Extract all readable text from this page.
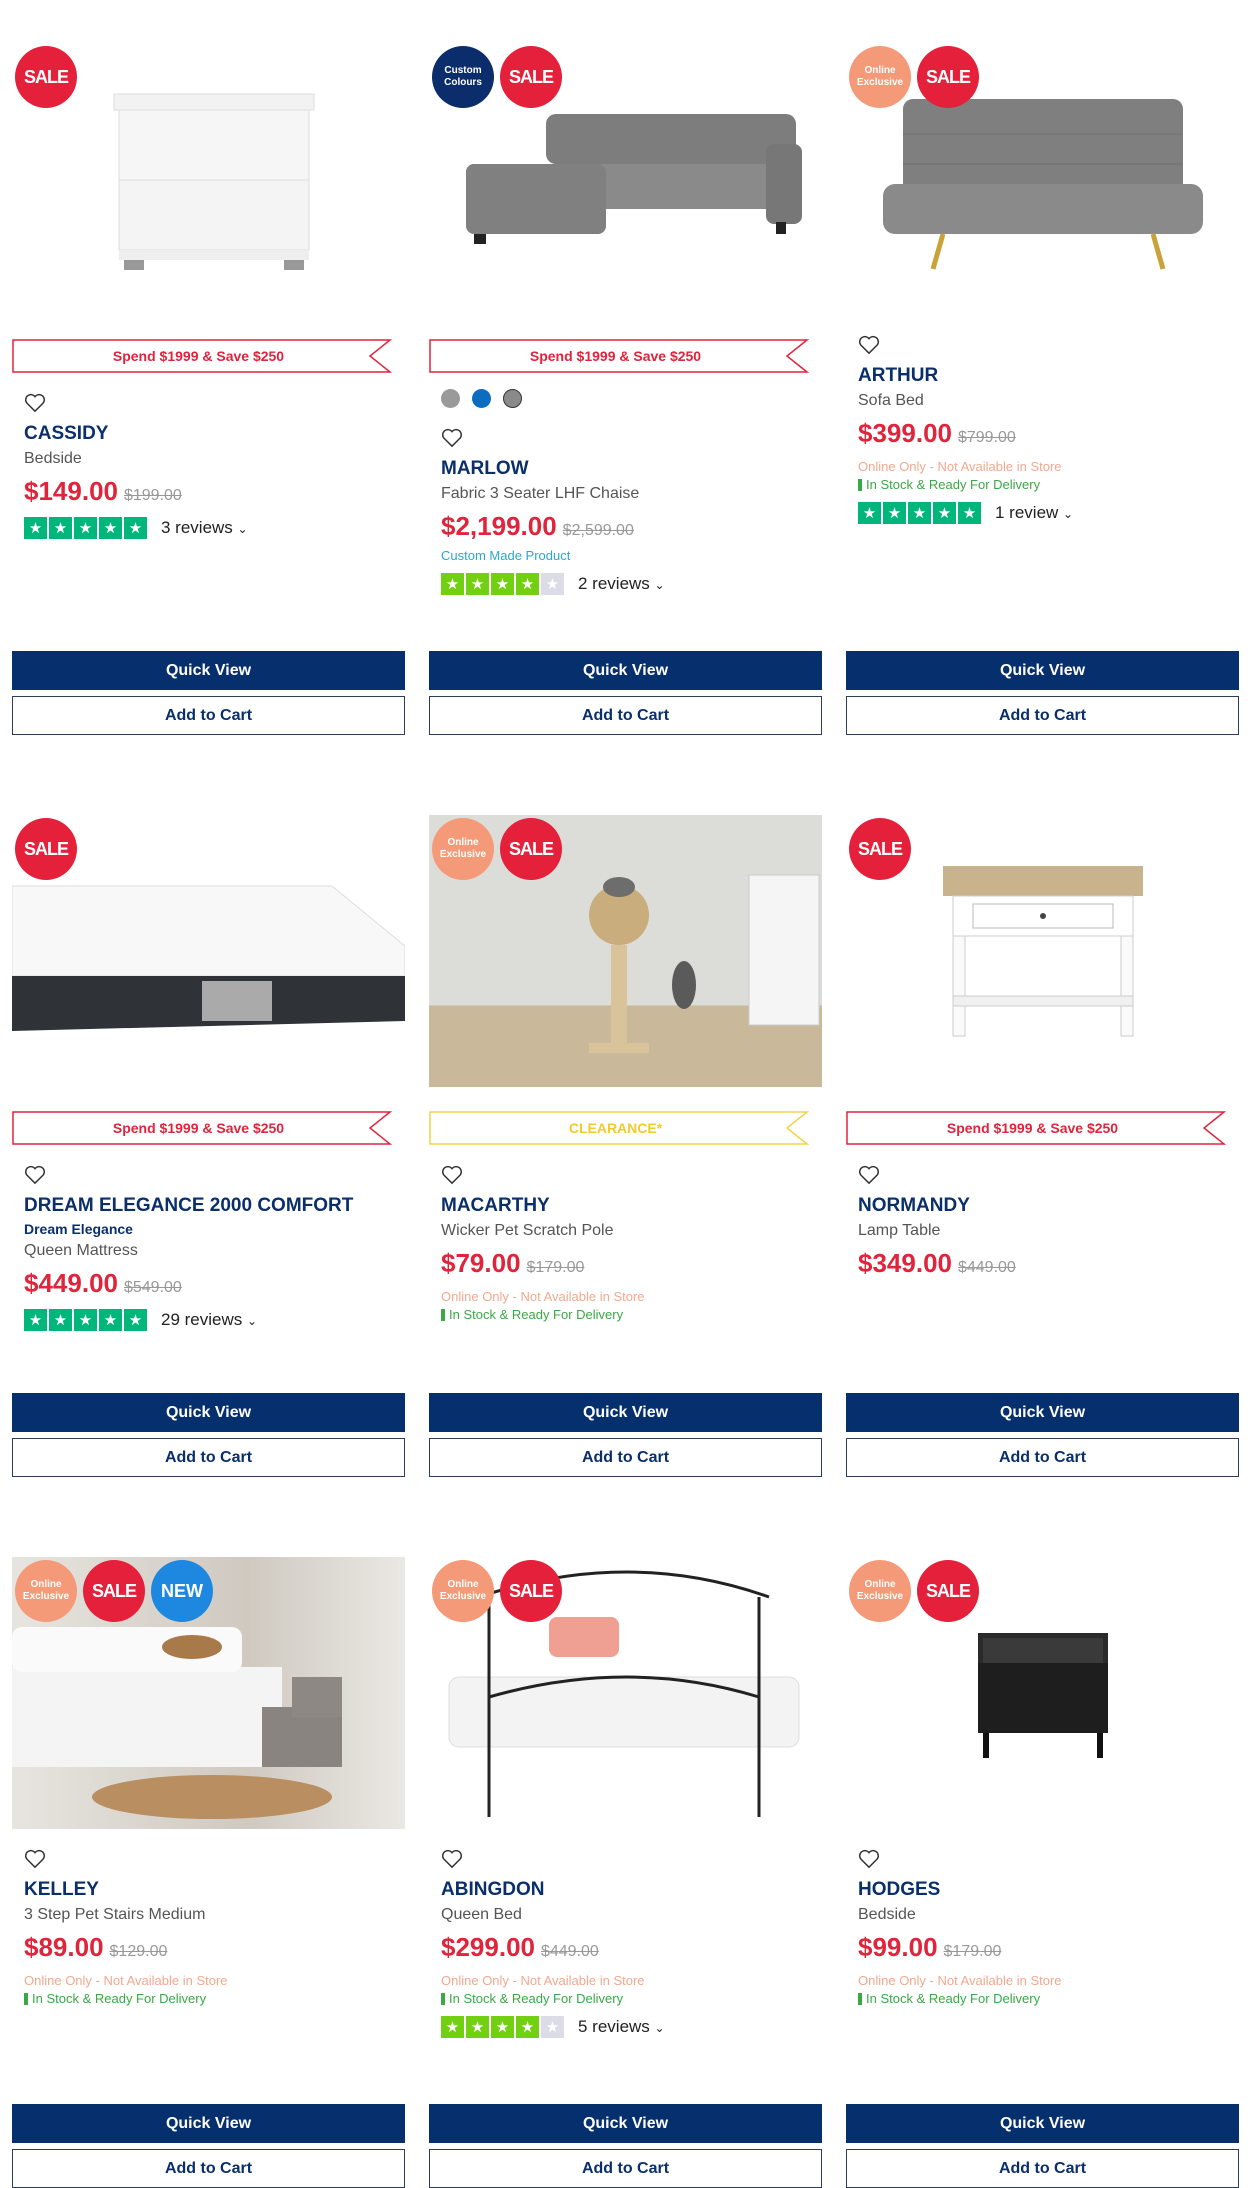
SALE
Spend $1999 & Save $250
CASSIDY
Bedside
$149.00 $199.00
★ ★ ★ ★ ★ 3 reviews ⌄
Quick View
Add to Cart
Custom Colours	SALE
Spend $1999 & Save $250
MARLOW
Fabric 3 Seater LHF Chaise
$2,199.00 $2,599.00
Custom Made Product
★ ★ ★ ★ ★ 2 reviews ⌄
Quick View
Add to Cart
Online Exclusive	SALE
ARTHUR
Sofa Bed
$399.00 $799.00
Online Only - Not Available in Store
In Stock & Ready For Delivery
★ ★ ★ ★ ★ 1 review ⌄
Quick View
Add to Cart
SALE
Spend $1999 & Save $250
DREAM ELEGANCE 2000 COMFORT
Dream Elegance
Queen Mattress
$449.00 $549.00
★ ★ ★ ★ ★ 29 reviews ⌄
Quick View
Add to Cart
Online Exclusive	SALE
CLEARANCE*
MACARTHY
Wicker Pet Scratch Pole
$79.00 $179.00
Online Only - Not Available in Store
In Stock & Ready For Delivery
Quick View
Add to Cart
SALE
Spend $1999 & Save $250
NORMANDY
Lamp Table
$349.00 $449.00
Quick View
Add to Cart
Online Exclusive	SALE	NEW
KELLEY
3 Step Pet Stairs Medium
$89.00 $129.00
Online Only - Not Available in Store
In Stock & Ready For Delivery
Quick View
Add to Cart
Online Exclusive	SALE
ABINGDON
Queen Bed
$299.00 $449.00
Online Only - Not Available in Store
In Stock & Ready For Delivery
★ ★ ★ ★ ★ 5 reviews ⌄
Quick View
Add to Cart
Online Exclusive	SALE
HODGES
Bedside
$99.00 $179.00
Online Only - Not Available in Store
In Stock & Ready For Delivery
Quick View
Add to Cart
